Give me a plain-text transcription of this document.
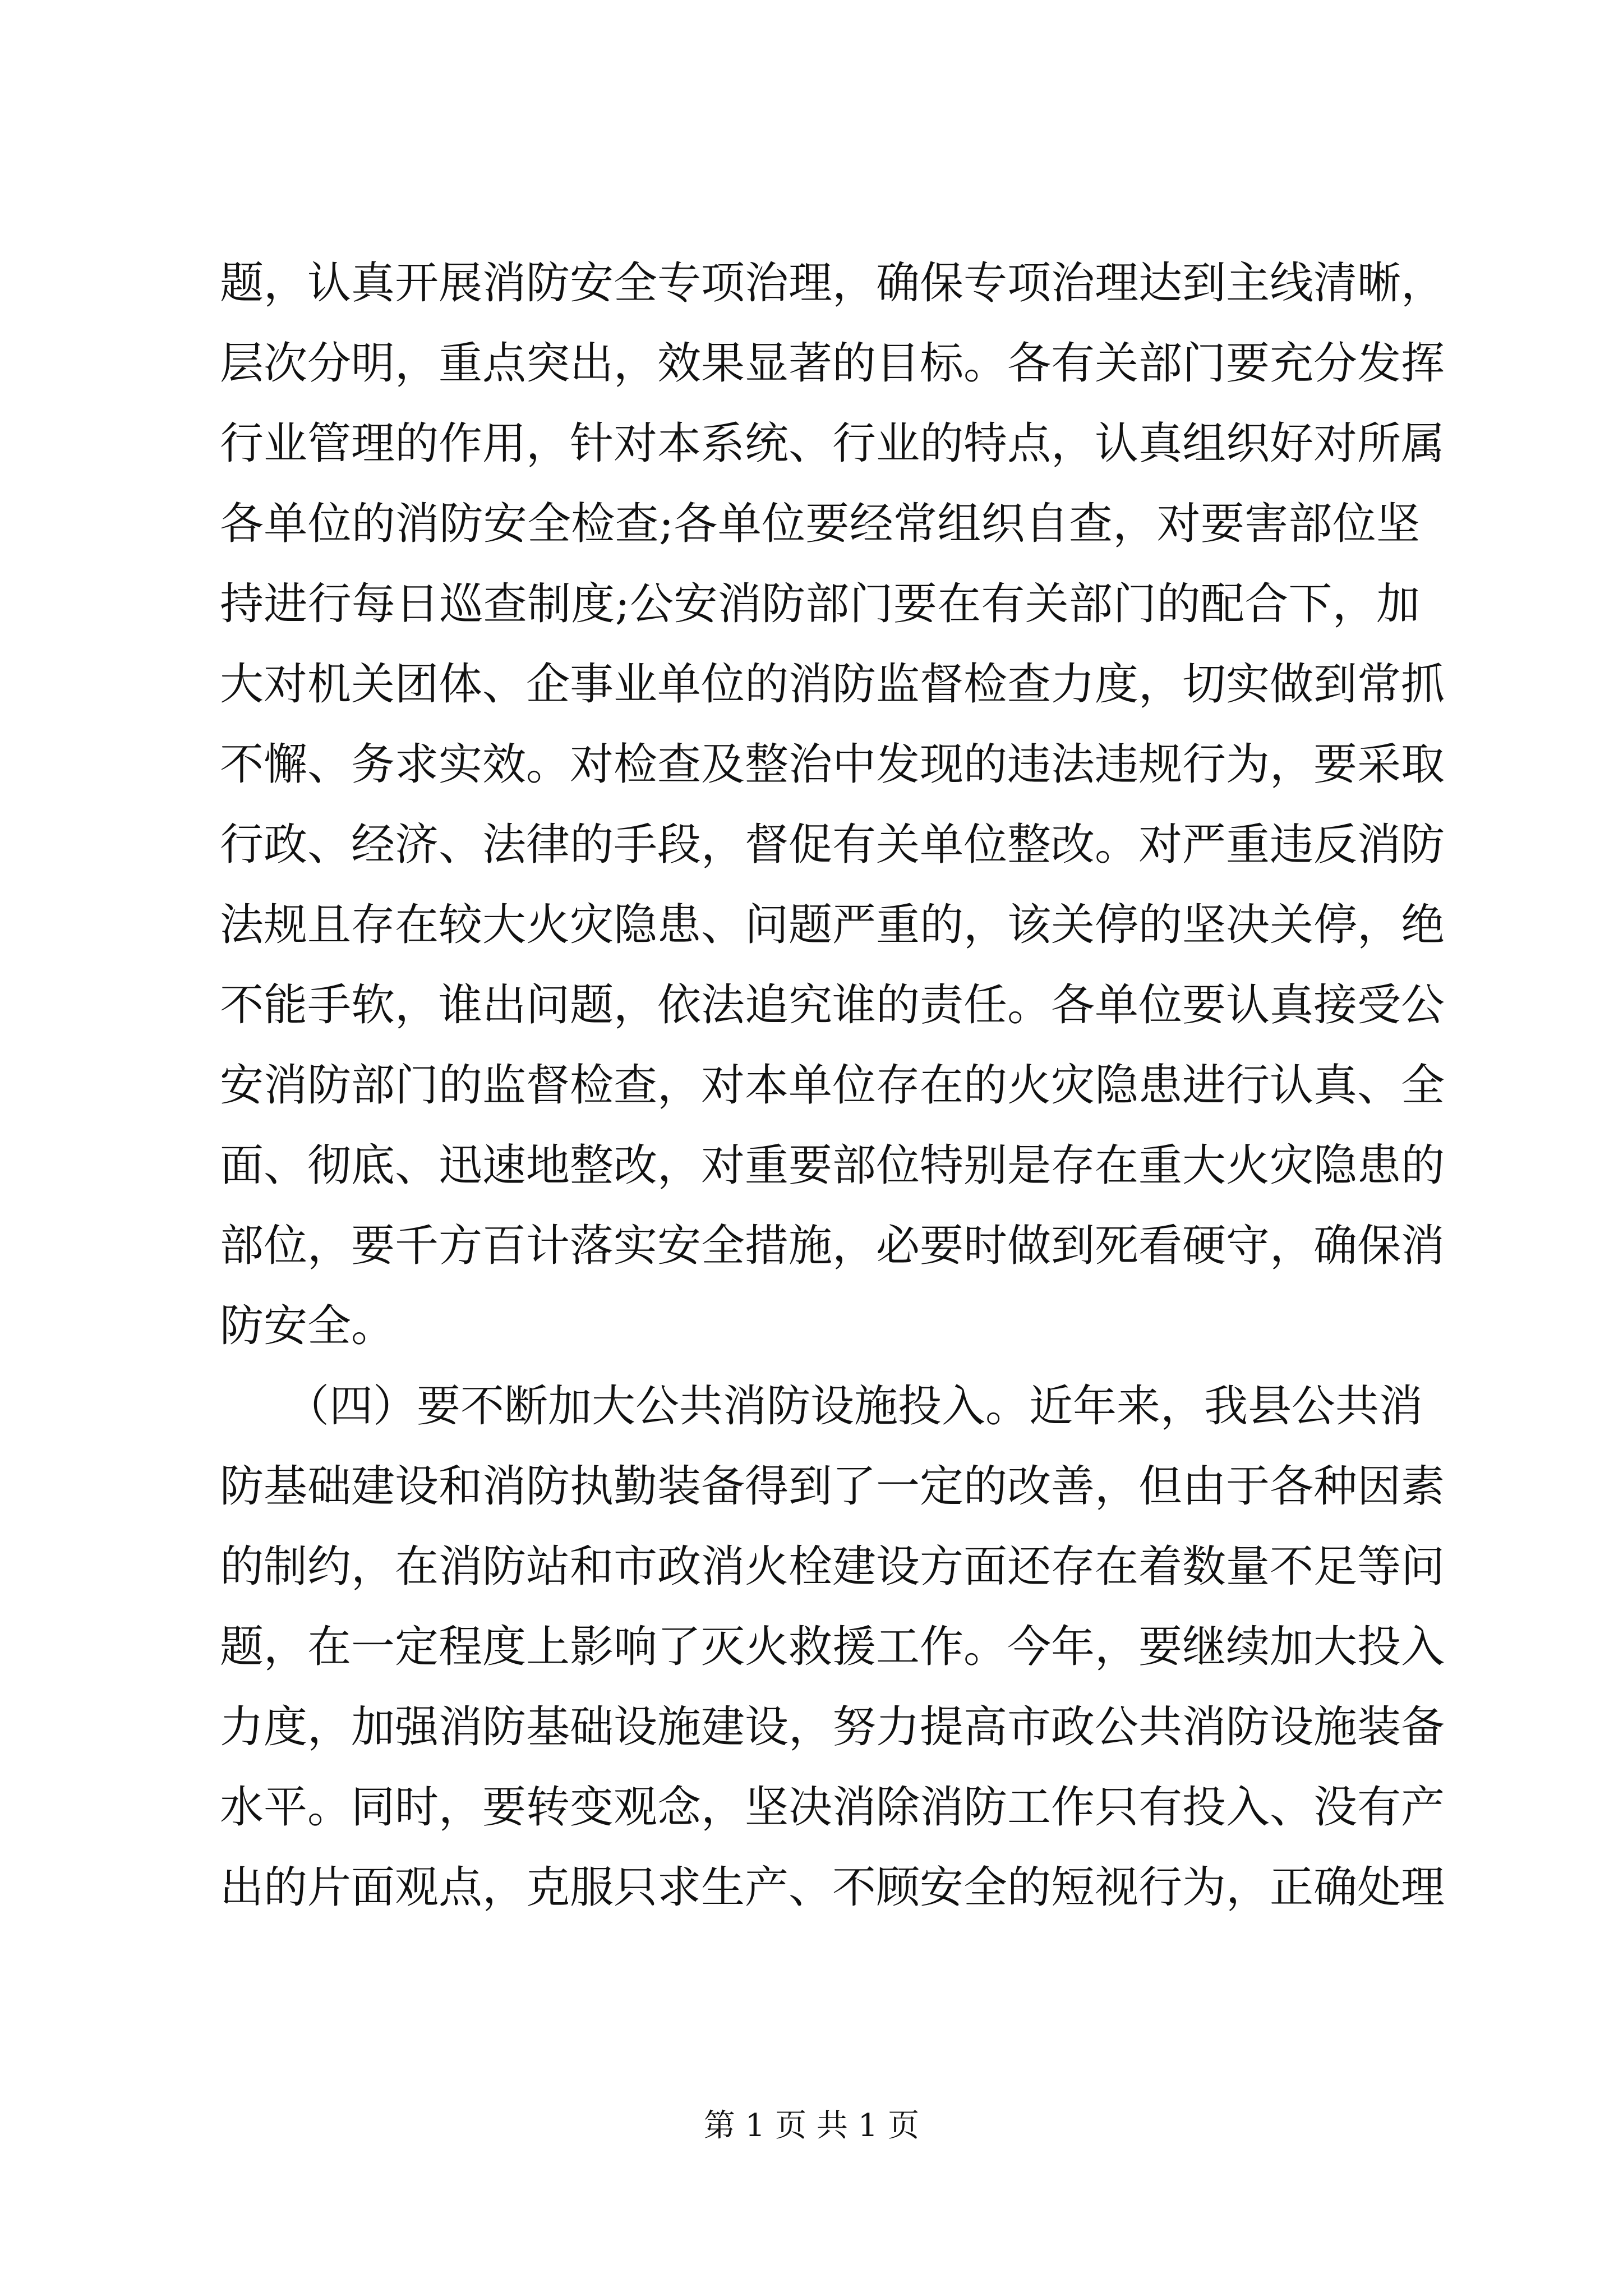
题，认真开展消防安全专项治理，确保专项治理达到主线清晰，
层次分明，重点突出，效果显著的目标。各有关部门要充分发挥
行业管理的作用，针对本系统、行业的特点，认真组织好对所属
各单位的消防安全检查;各单位要经常组织自查，对要害部位坚
持进行每日巡查制度;公安消防部门要在有关部门的配合下，加
大对机关团体、企事业单位的消防监督检查力度，切实做到常抓
不懈、务求实效。对检查及整治中发现的违法违规行为，要采取
行政、经济、法律的手段，督促有关单位整改。对严重违反消防
法规且存在较大火灾隐患、问题严重的，该关停的坚决关停，绝
不能手软，谁出问题，依法追究谁的责任。各单位要认真接受公
安消防部门的监督检查，对本单位存在的火灾隐患进行认真、全
面、彻底、迅速地整改，对重要部位特别是存在重大火灾隐患的
部位，要千方百计落实安全措施，必要时做到死看硬守，确保消
防安全。
　　（四）要不断加大公共消防设施投入。近年来，我县公共消
防基础建设和消防执勤装备得到了一定的改善，但由于各种因素
的制约，在消防站和市政消火栓建设方面还存在着数量不足等问
题，在一定程度上影响了灭火救援工作。今年，要继续加大投入
力度，加强消防基础设施建设，努力提高市政公共消防设施装备
水平。同时，要转变观念，坚决消除消防工作只有投入、没有产
出的片面观点，克服只求生产、不顾安全的短视行为，正确处理
第 1 页 共 1 页
